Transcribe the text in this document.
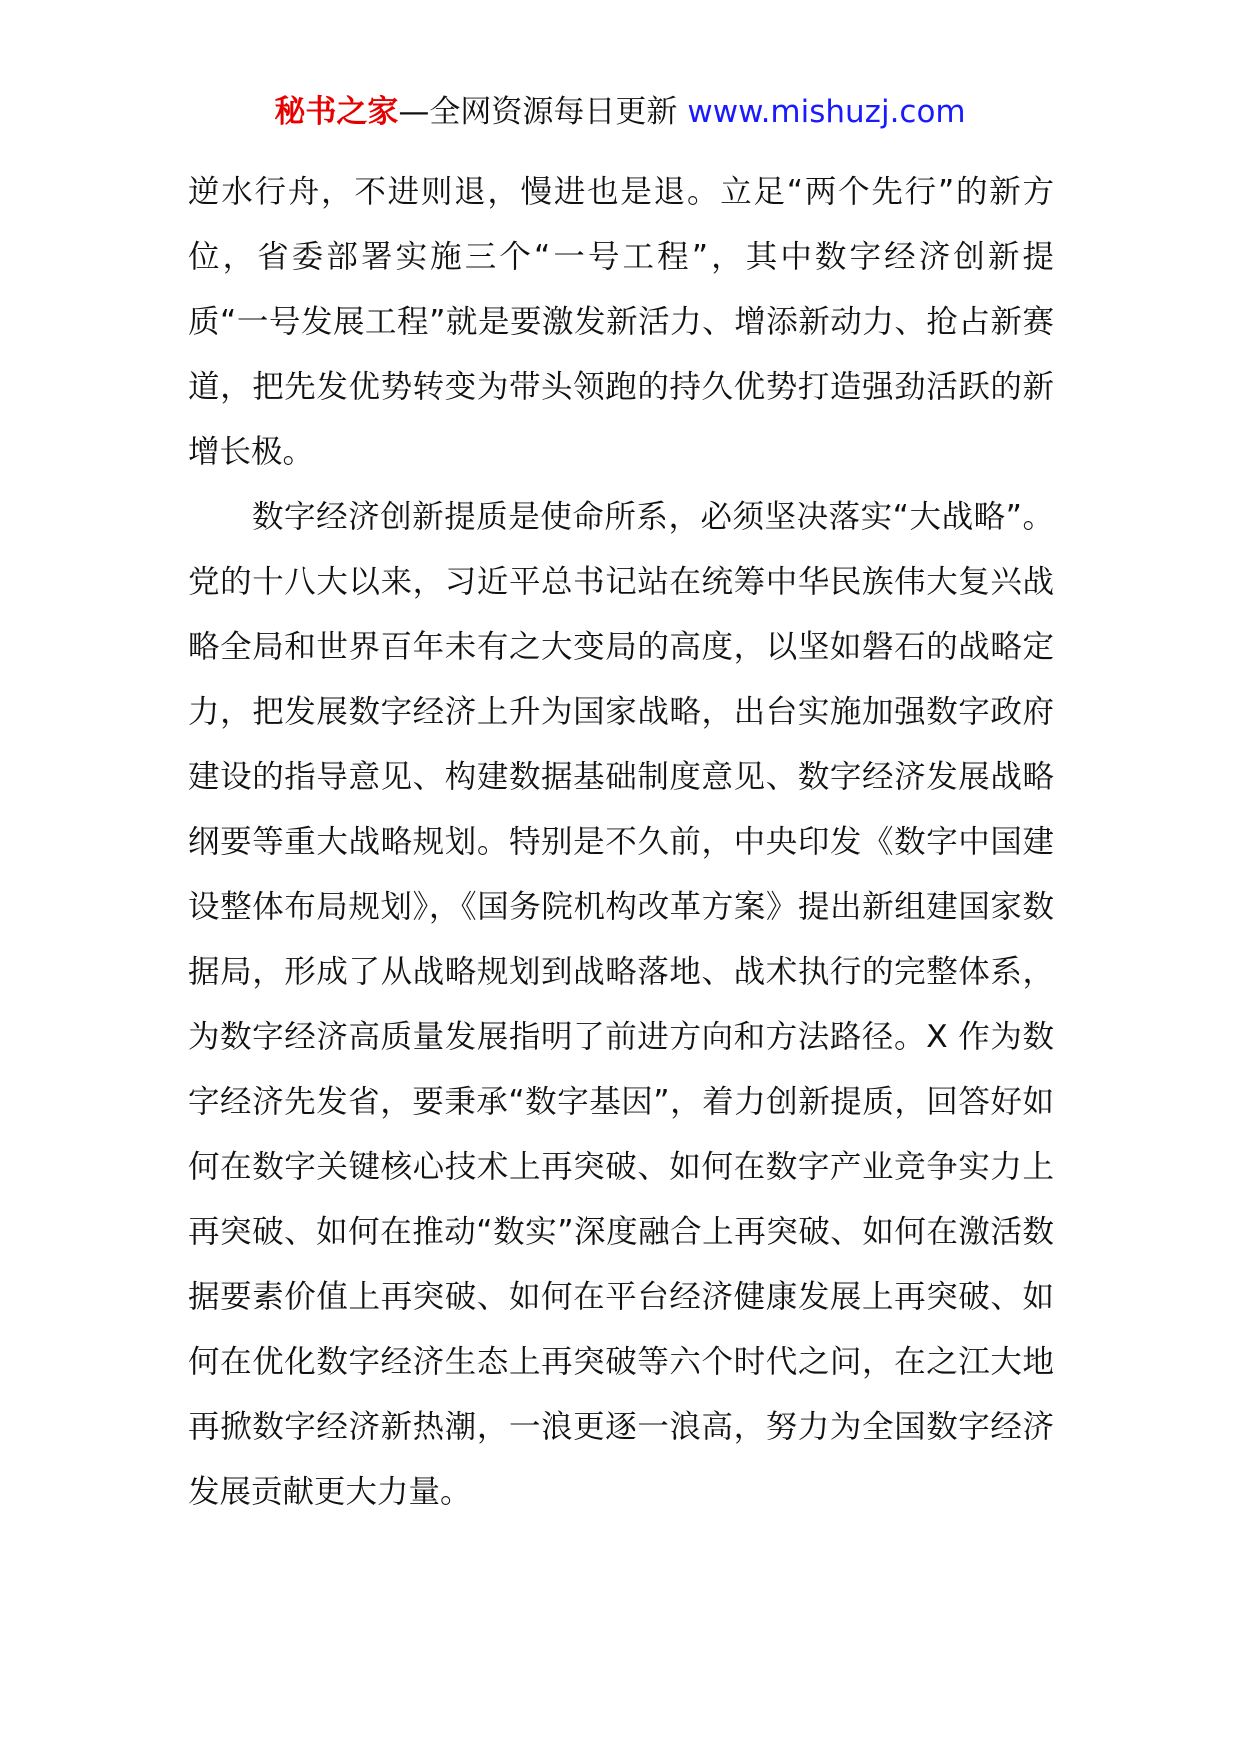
秘书之家—全网资源每日更新 www.mishuzj.com

逆水行舟，不进则退，慢进也是退。立足“两个先行”的新方位，省委部署实施三个“一号工程”，其中数字经济创新提质“一号发展工程”就是要激发新活力、增添新动力、抢占新赛道，把先发优势转变为带头领跑的持久优势打造强劲活跃的新增长极。

数字经济创新提质是使命所系，必须坚决落实“大战略”。党的十八大以来，习近平总书记站在统筹中华民族伟大复兴战略全局和世界百年未有之大变局的高度，以坚如磐石的战略定力，把发展数字经济上升为国家战略，出台实施加强数字政府建设的指导意见、构建数据基础制度意见、数字经济发展战略纲要等重大战略规划。特别是不久前，中央印发《数字中国建设整体布局规划》，《国务院机构改革方案》提出新组建国家数据局，形成了从战略规划到战略落地、战术执行的完整体系，为数字经济高质量发展指明了前进方向和方法路径。X 作为数字经济先发省，要秉承“数字基因”，着力创新提质，回答好如何在数字关键核心技术上再突破、如何在数字产业竞争实力上再突破、如何在推动“数实”深度融合上再突破、如何在激活数据要素价值上再突破、如何在平台经济健康发展上再突破、如何在优化数字经济生态上再突破等六个时代之问，在之江大地再掀数字经济新热潮，一浪更逐一浪高，努力为全国数字经济发展贡献更大力量。
